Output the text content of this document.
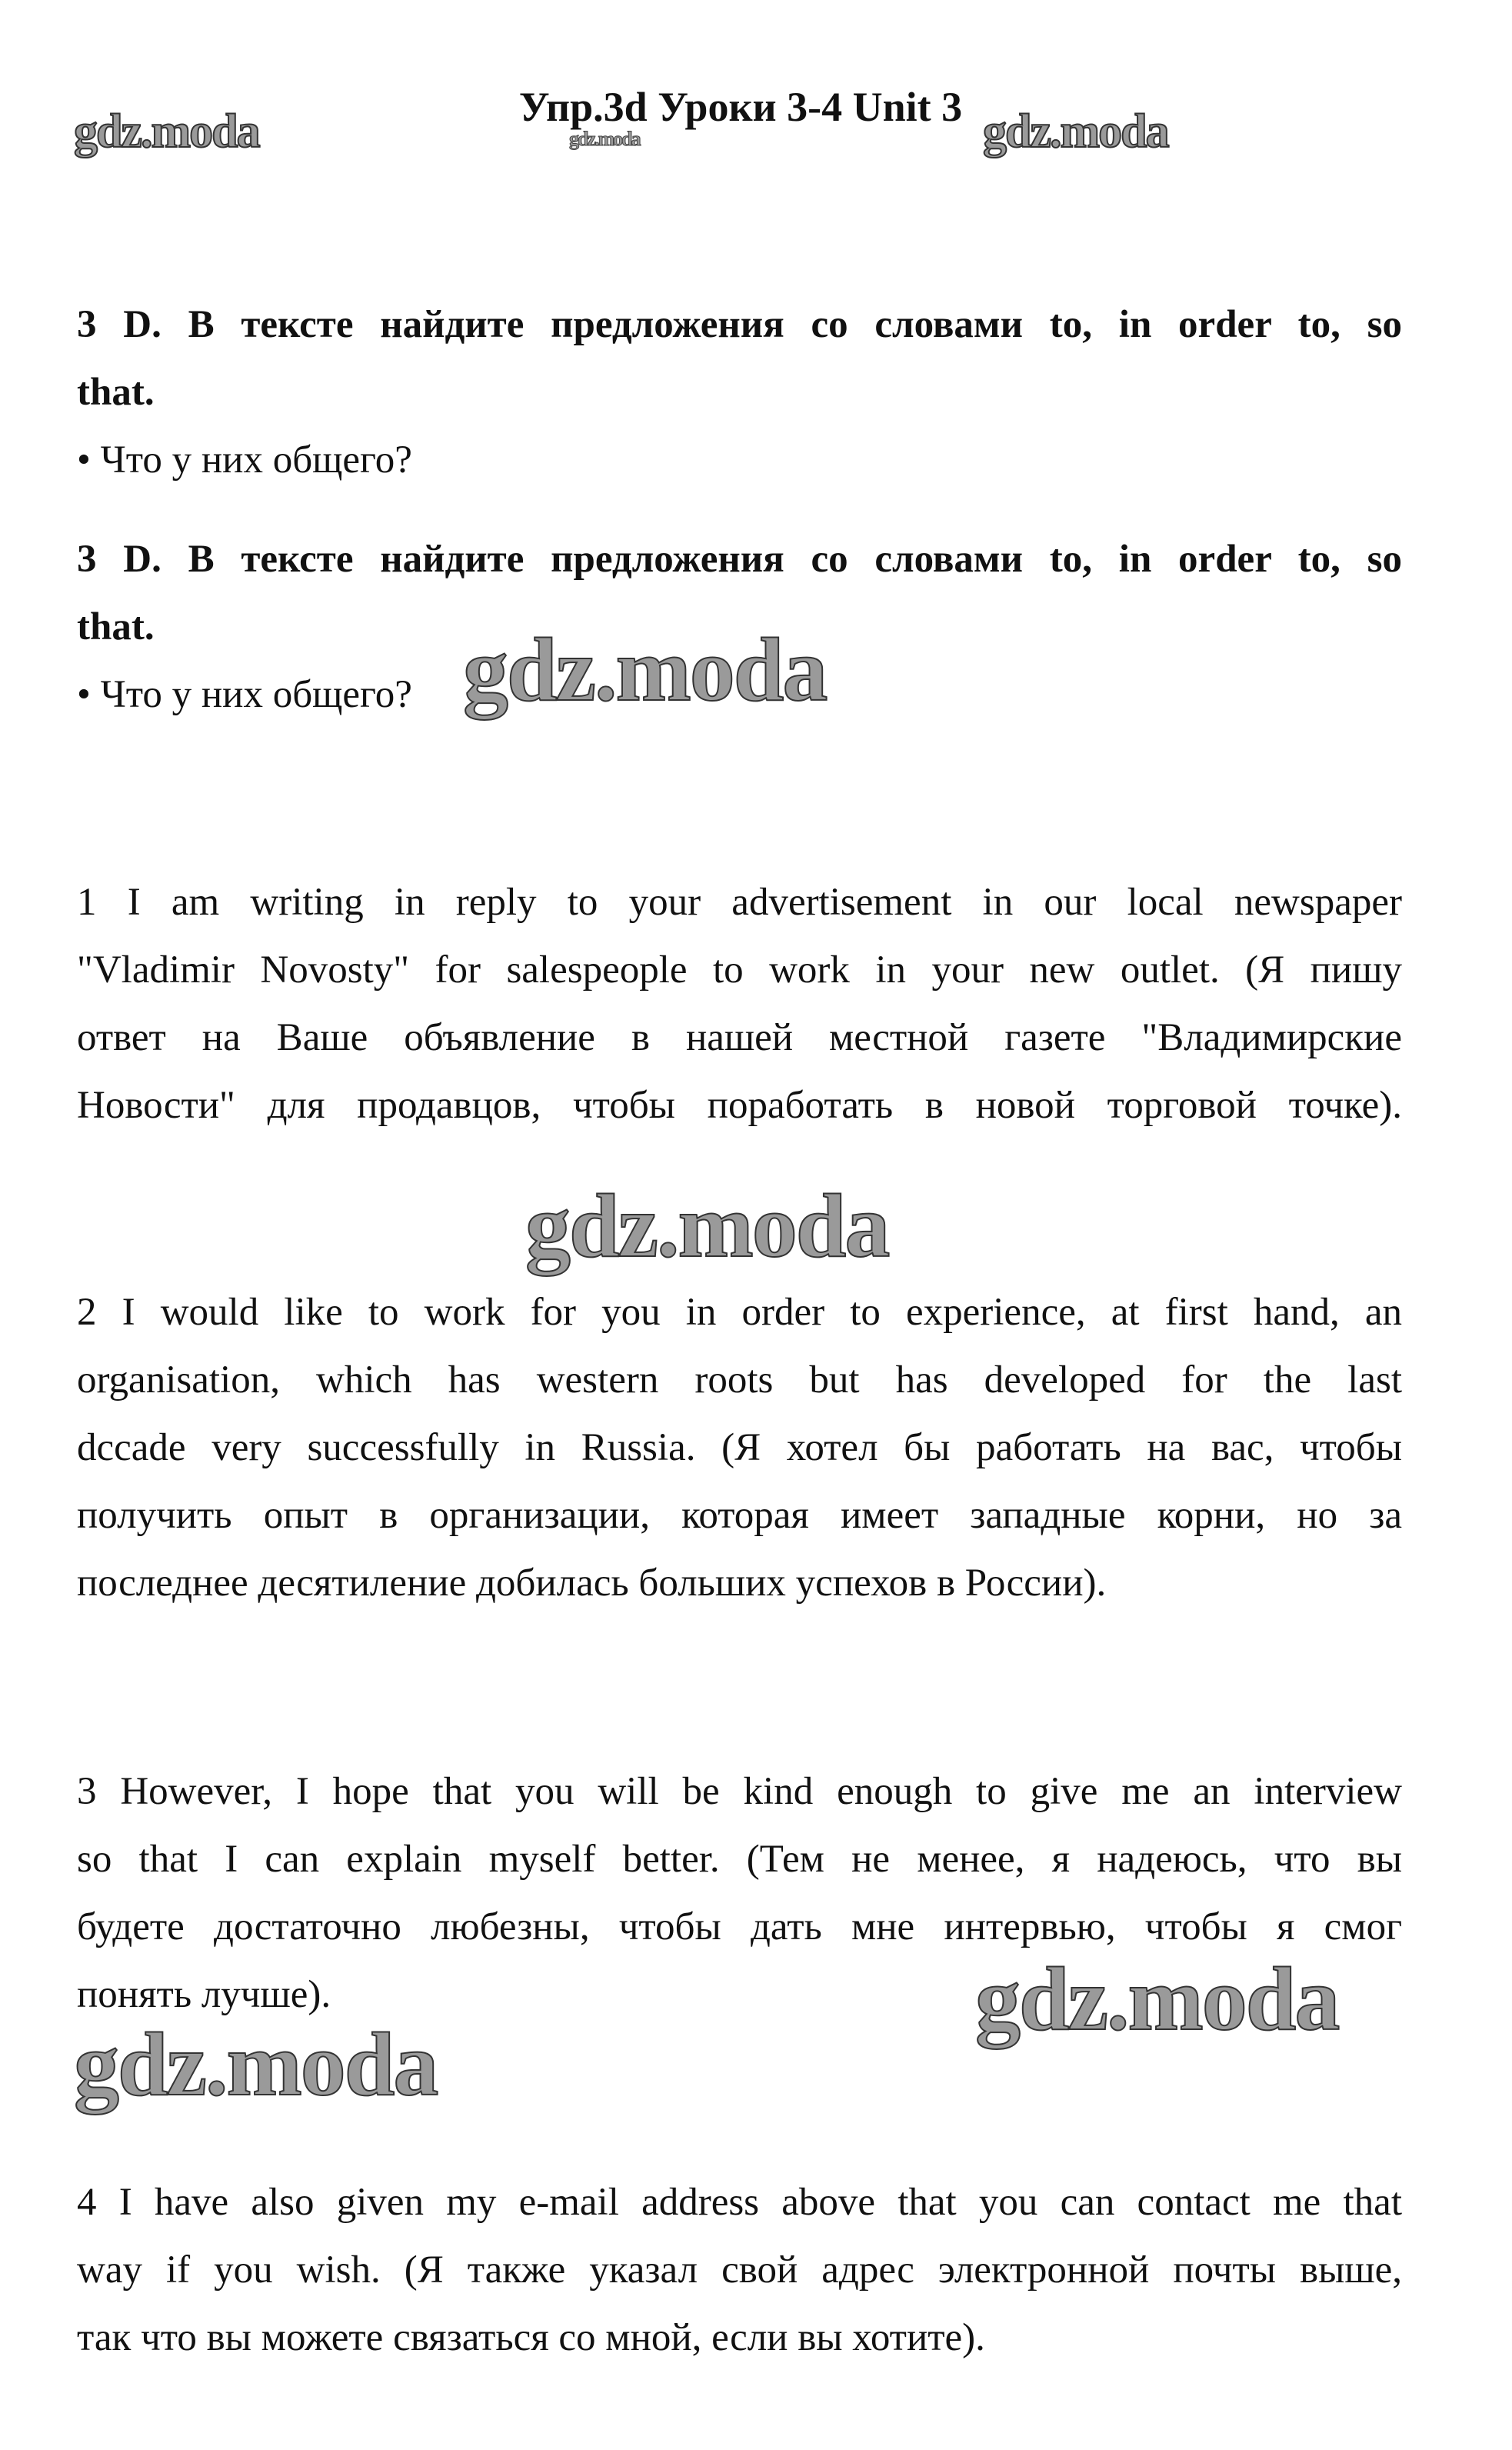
Упр.3d Уроки 3-4 Unit 3
gdz.moda	gdz.moda	gdz.moda
3 D. В тексте найдите предложения со словами to, in order to, so
that.
• Что у них общего?
3 D. В тексте найдите предложения со словами to, in order to, so
that.
• Что у них общего? gdz.moda
1 I am writing in reply to your advertisement in our local newspaper
"Vladimir Novosty" for salespeople to work in your new outlet. (Я пишу
ответ на Ваше объявление в нашей местной газете "Владимирские
Новости" для продавцов, чтобы поработать в новой торговой точке).
gdz.moda
2 I would like to work for you in order to experience, at first hand, an
organisation, which has western roots but has developed for the last
dccade very successfully in Russia. (Я хотел бы работать на вас, чтобы
получить опыт в организации, которая имеет западные корни, но за
последнее десятиление добилась больших успехов в России).
3 However, I hope that you will be kind enough to give me an interview
so that I can explain myself better. (Тем не менее, я надеюсь, что вы
будете достаточно любезны, чтобы дать мне интервью, чтобы я смог
понять лучше).	gdz.moda
gdz.moda
4 I have also given my e-mail address above that you can contact me that
way if you wish. (Я также указал свой адрес электронной почты выше,
так что вы можете связаться со мной, если вы хотите).
